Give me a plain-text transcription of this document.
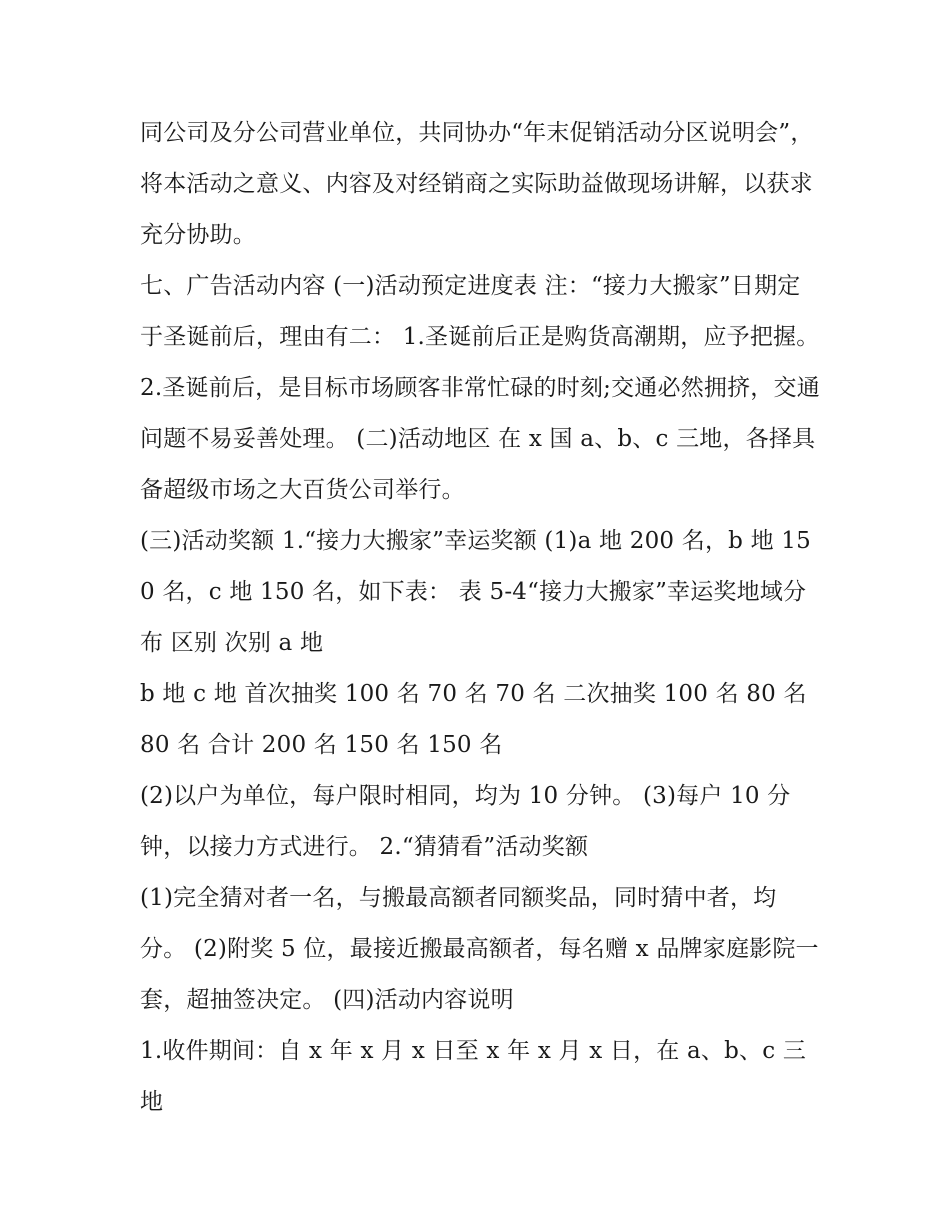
同公司及分公司营业单位，共同协办“年末促销活动分区说明会”，将本活动之意义、内容及对经销商之实际助益做现场讲解，以获求充分协助。

七、广告活动内容 (一)活动预定进度表 注：“接力大搬家”日期定于圣诞前后，理由有二： 1.圣诞前后正是购货高潮期，应予把握。

2.圣诞前后，是目标市场顾客非常忙碌的时刻;交通必然拥挤，交通问题不易妥善处理。 (二)活动地区 在 x 国 a、b、c 三地，各择具备超级市场之大百货公司举行。

(三)活动奖额 1.“接力大搬家”幸运奖额 (1)a 地 200 名，b 地 150 名，c 地 150 名，如下表： 表 5-4“接力大搬家”幸运奖地域分布 区别 次别 a 地

b 地 c 地 首次抽奖 100 名 70 名 70 名 二次抽奖 100 名 80 名 80 名 合计 200 名 150 名 150 名

(2)以户为单位，每户限时相同，均为 10 分钟。 (3)每户 10 分钟，以接力方式进行。 2.“猜猜看”活动奖额

(1)完全猜对者一名，与搬最高额者同额奖品，同时猜中者，均分。 (2)附奖 5 位，最接近搬最高额者，每名赠 x 品牌家庭影院一套，超抽签决定。 (四)活动内容说明

1.收件期间：自 x 年 x 月 x 日至 x 年 x 月 x 日，在 a、b、c 三地
